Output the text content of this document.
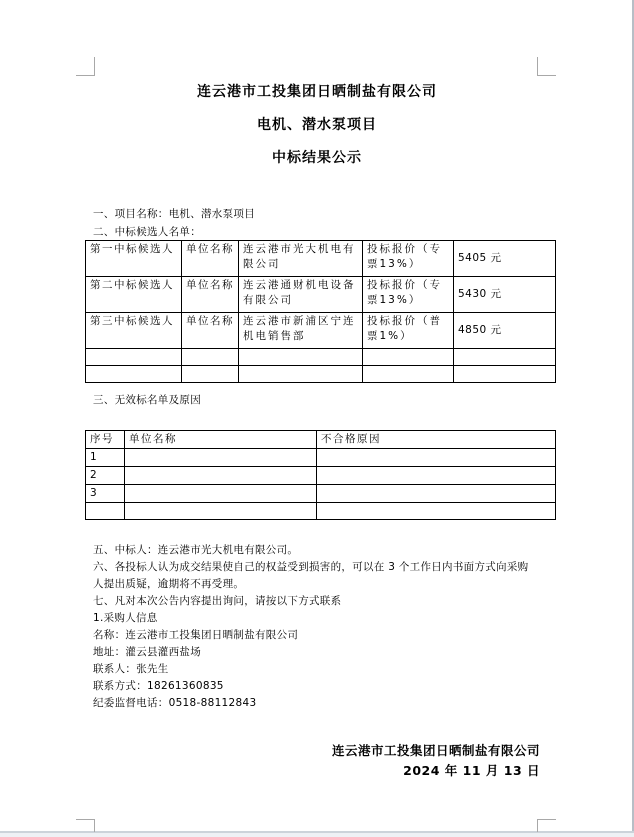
连云港市工投集团日晒制盐有限公司
电机、潜水泵项目
中标结果公示
一、项目名称：电机、潜水泵项目
二、中标候选人名单：
第一中标候选人	单位名称	连云港市光大机电有限公司	投标报价（专票13%）	5405 元
第二中标候选人	单位名称	连云港通财机电设备有限公司	投标报价（专票13%）	5430 元
第三中标候选人	单位名称	连云港市新浦区宁连机电销售部	投标报价（普票1%）	4850 元

三、无效标名单及原因
序号	单位名称	不合格原因
1		
2		
3		

五、中标人：连云港市光大机电有限公司。
六、各投标人认为成交结果使自己的权益受到损害的，可以在 3 个工作日内书面方式向采购
人提出质疑，逾期将不再受理。
七、凡对本次公告内容提出询问，请按以下方式联系
1.采购人信息
名称：连云港市工投集团日晒制盐有限公司
地址：灌云县灌西盐场
联系人：张先生
联系方式：18261360835
纪委监督电话：0518-88112843
连云港市工投集团日晒制盐有限公司
2024 年 11 月 13 日
